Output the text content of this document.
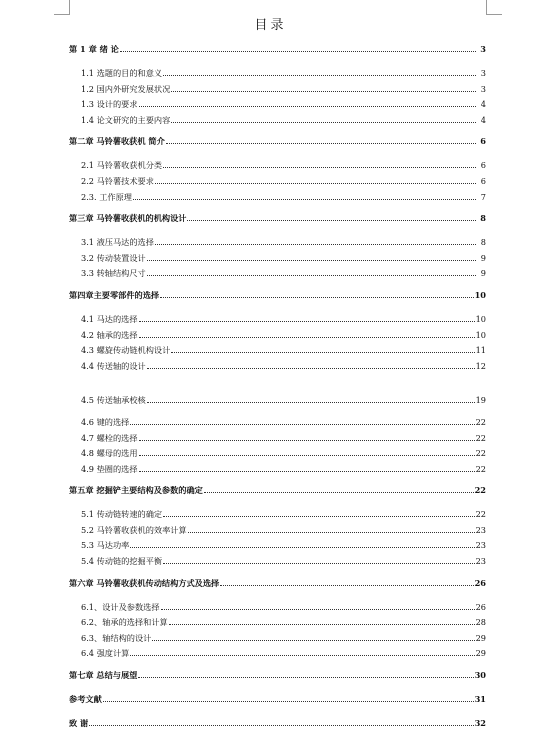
目录
第 1 章 绪 论	3
1.1 选题的目的和意义	3
1.2 国内外研究发展状况	3
1.3 设计的要求	4
1.4 论文研究的主要内容	4
第二章 马铃薯收获机 简介	6
2.1 马铃薯收获机分类	6
2.2 马铃薯技术要求	6
2.3. 工作原理	7
第三章 马铃薯收获机的机构设计	8
3.1 液压马达的选择	8
3.2 传动装置设计	9
3.3 转轴结构尺寸	9
第四章主要零部件的选择	10
4.1 马达的选择	10
4.2 轴承的选择	10
4.3 螺旋传动链机构设计	11
4.4 传送轴的设计	12
4.5 传送轴承校核	19
4.6 键的选择	22
4.7 螺栓的选择	22
4.8 螺母的选用	22
4.9 垫圈的选择	22
第五章 挖掘铲主要结构及参数的确定	22
5.1 传动链转速的确定	22
5.2 马铃薯收获机的效率计算	23
5.3 马达功率	23
5.4 传动链的挖掘平衡	23
第六章 马铃薯收获机传动结构方式及选择	26
6.1、设计及参数选择	26
6.2、轴承的选择和计算	28
6.3、轴结构的设计	29
6.4 强度计算	29
第七章 总结与展望	30
参考文献	31
致 谢	32
